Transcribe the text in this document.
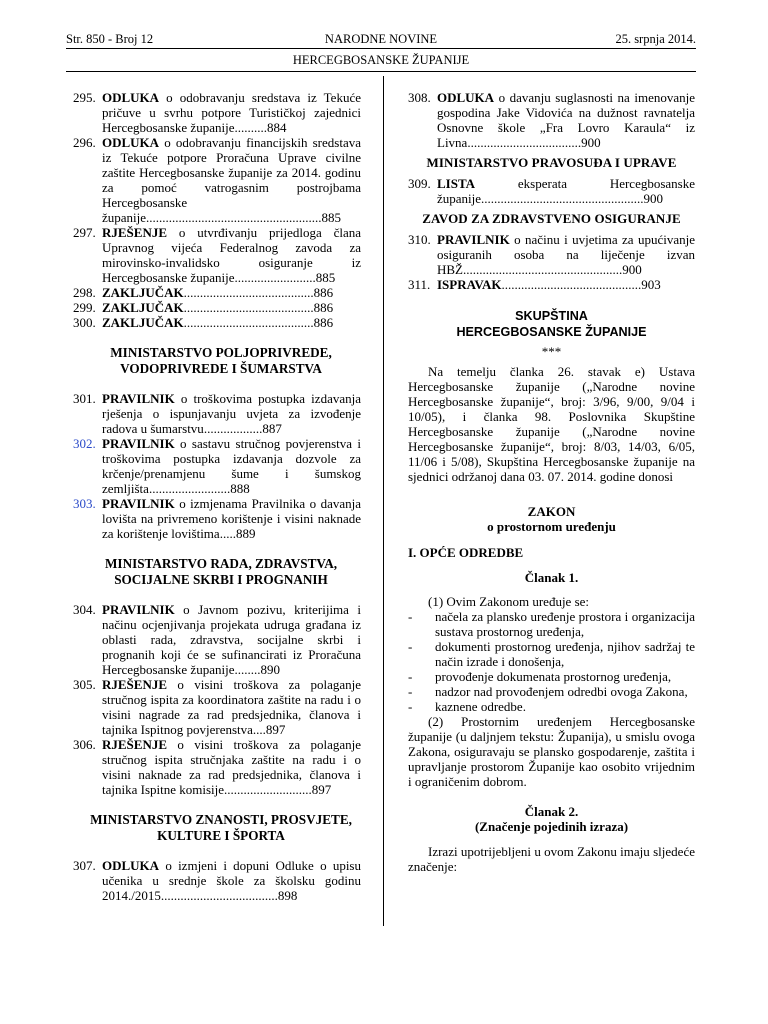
Str. 850 - Broj 12	NARODNE NOVINE	25. srpnja 2014.
HERCEGBOSANSKE ŽUPANIJE
295. ODLUKA o odobravanju sredstava iz Tekuće pričuve u svrhu potpore Turističkoj zajednici Hercegbosanske županije..........884
296. ODLUKA o odobravanju financijskih sredstava iz Tekuće potpore Proračuna Uprave civilne zaštite Hercegbosanske županije za 2014. godinu za pomoć vatrogasnim postrojbama Hercegbosanske županije......................................................885
297. RJEŠENJE o utvrđivanju prijedloga člana Upravnog vijeća Federalnog zavoda za mirovinsko-invalidsko osiguranje iz Hercegbosanske županije.........................885
298. ZAKLJUČAK........................................886
299. ZAKLJUČAK........................................886
300. ZAKLJUČAK........................................886
MINISTARSTVO POLJOPRIVREDE, VODOPRIVREDE I ŠUMARSTVA
301. PRAVILNIK o troškovima postupka izdavanja rješenja o ispunjavanju uvjeta za izvođenje radova u šumarstvu..................887
302. PRAVILNIK o sastavu stručnog povjerenstva i troškovima postupka izdavanja dozvole za krčenje/prenamjenu šume i šumskog zemljišta.........................888
303. PRAVILNIK o izmjenama Pravilnika o davanja lovišta na privremeno korištenje i visini naknade za korištenje lovištima.....889
MINISTARSTVO RADA, ZDRAVSTVA, SOCIJALNE SKRBI I PROGNANIH
304. PRAVILNIK o Javnom pozivu, kriterijima i načinu ocjenjivanja projekata udruga građana iz oblasti rada, zdravstva, socijalne skrbi i prognanih koji će se sufinancirati iz Proračuna Hercegbosanske županije........890
305. RJEŠENJE o visini troškova za polaganje stručnog ispita za koordinatora zaštite na radu i o visini nagrade za rad predsjednika, članova i tajnika Ispitnog povjerenstva....897
306. RJEŠENJE o visini troškova za polaganje stručnog ispita stručnjaka zaštite na radu i o visini naknade za rad predsjednika, članova i tajnika Ispitne komisije...........................897
MINISTARSTVO ZNANOSTI, PROSVJETE, KULTURE I ŠPORTA
307. ODLUKA o izmjeni i dopuni Odluke o upisu učenika u srednje škole za školsku godinu 2014./2015....................................898
308. ODLUKA o davanju suglasnosti na imenovanje gospodina Jake Vidovića na dužnost ravnatelja Osnovne škole „Fra Lovro Karaula“ iz Livna...................................900
MINISTARSTVO PRAVOSUĐA I UPRAVE
309. LISTA eksperata Hercegbosanske županije..................................................900
ZAVOD ZA ZDRAVSTVENO OSIGURANJE
310. PRAVILNIK o načinu i uvjetima za upućivanje osiguranih osoba na liječenje izvan HBŽ.................................................900
311. ISPRAVAK...........................................903
SKUPŠTINA
HERCEGBOSANSKE ŽUPANIJE
***
Na temelju članka 26. stavak e) Ustava Hercegbosanske županije („Narodne novine Hercegbosanske županije“, broj: 3/96, 9/00, 9/04 i 10/05), i članka 98. Poslovnika Skupštine Hercegbosanske županije („Narodne novine Hercegbosanske županije“, broj: 8/03, 14/03, 6/05, 11/06 i 5/08), Skupština Hercegbosanske županije na sjednici održanoj dana 03. 07. 2014. godine donosi
ZAKON
o prostornom uređenju
I. OPĆE ODREDBE
Članak 1.
(1) Ovim Zakonom uređuje se:
-	načela za plansko uređenje prostora i organizacija sustava prostornog uređenja,
-	dokumenti prostornog uređenja, njihov sadržaj te način izrade i donošenja,
-	provođenje dokumenata prostornog uređenja,
-	nadzor nad provođenjem odredbi ovoga Zakona,
-	kaznene odredbe.
(2) Prostornim uređenjem Hercegbosanske županije (u daljnjem tekstu: Županija), u smislu ovoga Zakona, osiguravaju se plansko gospodarenje, zaštita i upravljanje prostorom Županije kao osobito vrijednim i ograničenim dobrom.
Članak 2.
(Značenje pojedinih izraza)
Izrazi upotrijebljeni u ovom Zakonu imaju sljedeće značenje:
